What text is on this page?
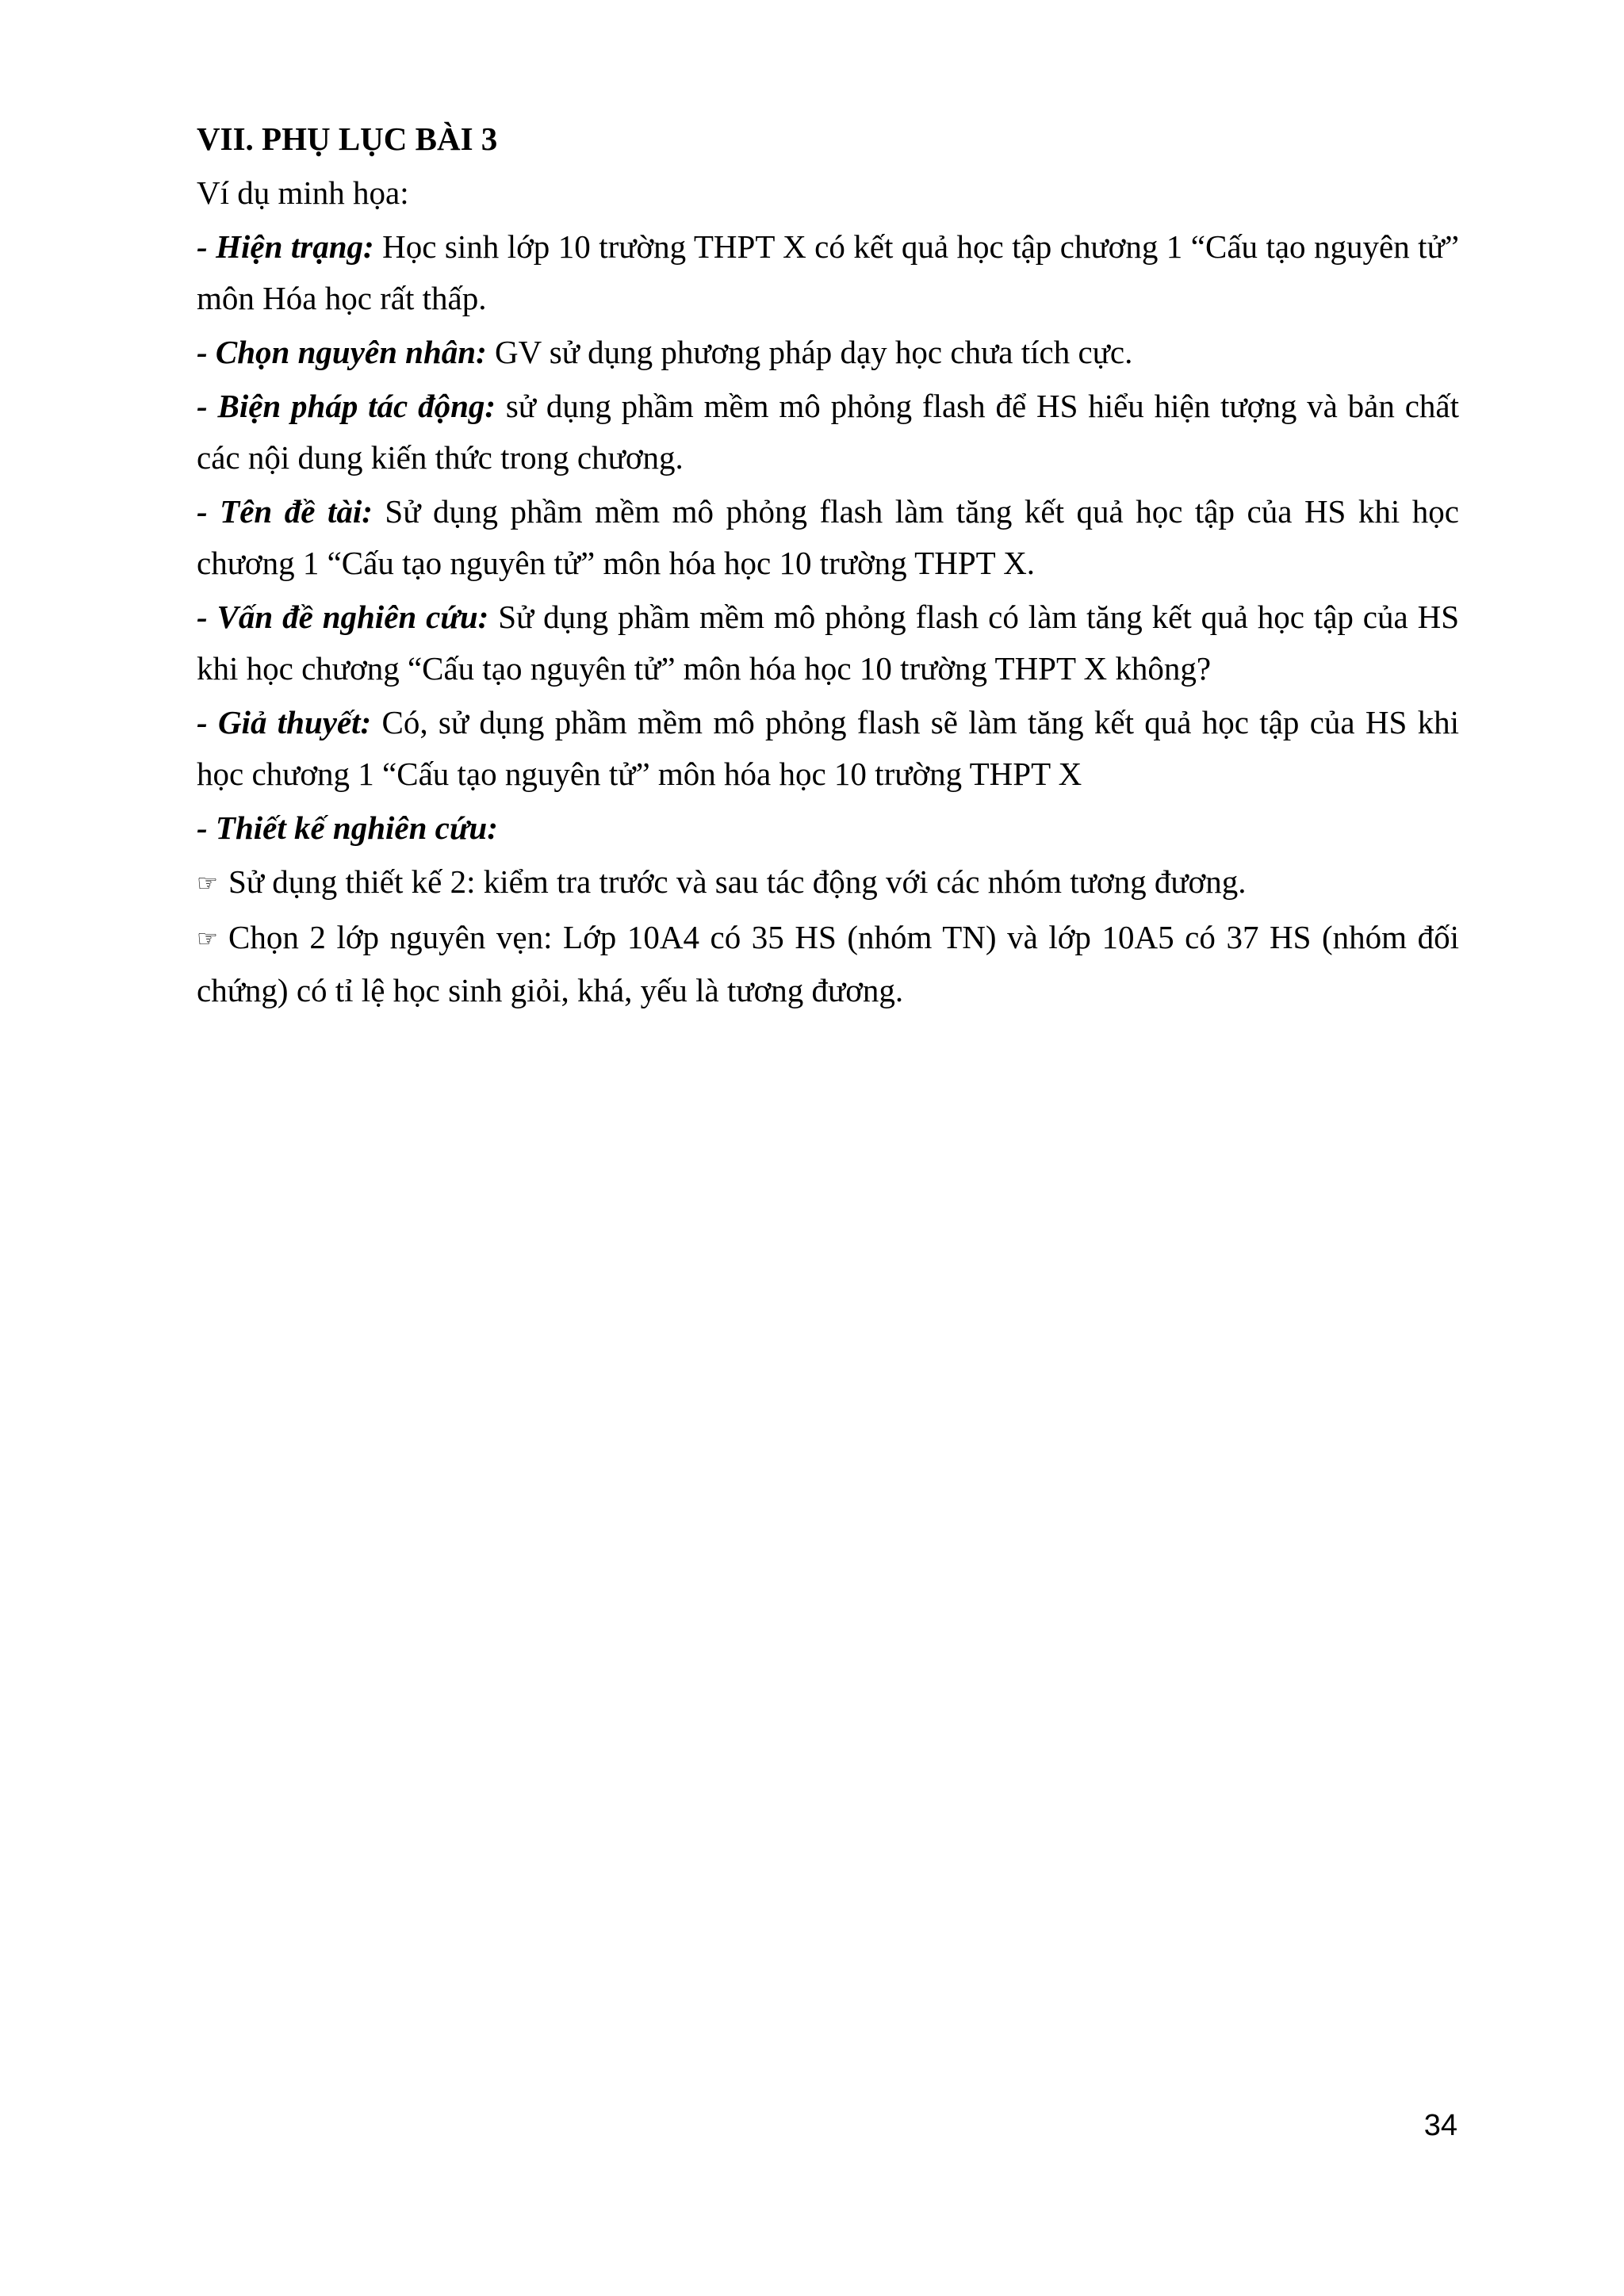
VII. PHỤ LỤC BÀI 3

Ví dụ minh họa:

- Hiện trạng: Học sinh lớp 10 trường THPT X có kết quả học tập chương 1 “Cấu tạo nguyên tử” môn Hóa học rất thấp.

- Chọn nguyên nhân: GV sử dụng phương pháp dạy học chưa tích cực.

- Biện pháp tác động: sử dụng phầm mềm mô phỏng flash để HS hiểu hiện tượng và bản chất các nội dung kiến thức trong chương.

- Tên đề tài: Sử dụng phầm mềm mô phỏng flash làm tăng kết quả học tập của HS khi học chương 1 “Cấu tạo nguyên tử” môn hóa học 10 trường THPT X.

- Vấn đề nghiên cứu: Sử dụng phầm mềm mô phỏng flash có làm tăng kết quả học tập của HS khi học chương “Cấu tạo nguyên tử” môn hóa học 10 trường THPT X không?

- Giả thuyết: Có, sử dụng phầm mềm mô phỏng flash sẽ làm tăng kết quả học tập của HS khi học chương 1 “Cấu tạo nguyên tử” môn hóa học 10 trường THPT X

- Thiết kế nghiên cứu:

☞ Sử dụng thiết kế 2: kiểm tra trước và sau tác động với các nhóm tương đương.

☞ Chọn 2 lớp nguyên vẹn: Lớp 10A4 có 35 HS (nhóm TN) và lớp 10A5 có 37 HS (nhóm đối chứng) có tỉ lệ học sinh giỏi, khá, yếu là tương đương.

34
